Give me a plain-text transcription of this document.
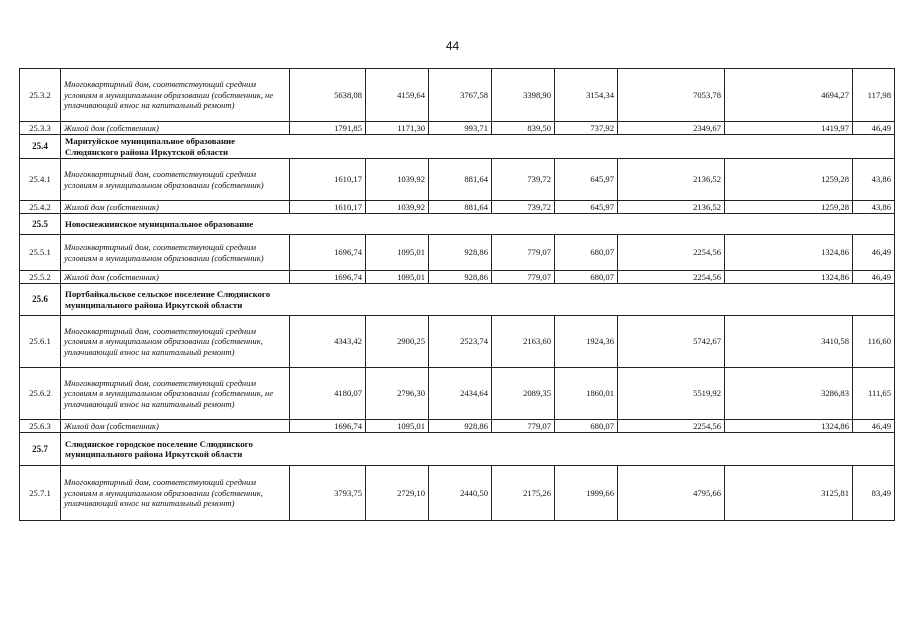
44
25.3.2	Многоквартирный дом, соответствующий средним условиям в муниципальном образовании (собственник, не уплачивающий взнос на капитальный ремонт)	5638,08	4159,64	3767,58	3398,90	3154,34	7053,78	4694,27	117,98
25.3.3	Жилой дом (собственник)	1791,85	1171,30	993,71	839,50	737,92	2349,67	1419,97	46,49
25.4	Маритуйское муниципальное образование Слюдянского района Иркутской области								
25.4.1	Многоквартирный дом, соответствующий средним условиям в муниципальном образовании (собственник)	1610,17	1039,92	881,64	739,72	645,97	2136,52	1259,28	43,86
25.4.2	Жилой дом (собственник)	1610,17	1039,92	881,64	739,72	645,97	2136,52	1259,28	43,86
25.5	Новоснежнинское муниципальное образование								
25.5.1	Многоквартирный дом, соответствующий средним условиям в муниципальном образовании (собственник)	1696,74	1095,01	928,86	779,07	680,07	2254,56	1324,86	46,49
25.5.2	Жилой дом (собственник)	1696,74	1095,01	928,86	779,07	680,07	2254,56	1324,86	46,49
25.6	Портбайкальское сельское поселение Слюдянского муниципального района Иркутской области								
25.6.1	Многоквартирный дом, соответствующий средним условиям в муниципальном образовании (собственник, уплачивающий взнос на капитальный ремонт)	4343,42	2900,25	2523,74	2163,60	1924,36	5742,67	3410,58	116,60
25.6.2	Многоквартирный дом, соответствующий средним условиям в муниципальном образовании (собственник, не уплачивающий взнос на капитальный ремонт)	4180,07	2796,30	2434,64	2089,35	1860,01	5519,92	3286,83	111,65
25.6.3	Жилой дом (собственник)	1696,74	1095,01	928,86	779,07	680,07	2254,56	1324,86	46,49
25.7	Слюдянское городское поселение Слюдянского муниципального района Иркутской области								
25.7.1	Многоквартирный дом, соответствующий средним условиям в муниципальном образовании (собственник, уплачивающий взнос на капитальный ремонт)	3793,75	2729,10	2440,50	2175,26	1999,66	4795,66	3125,81	83,49
